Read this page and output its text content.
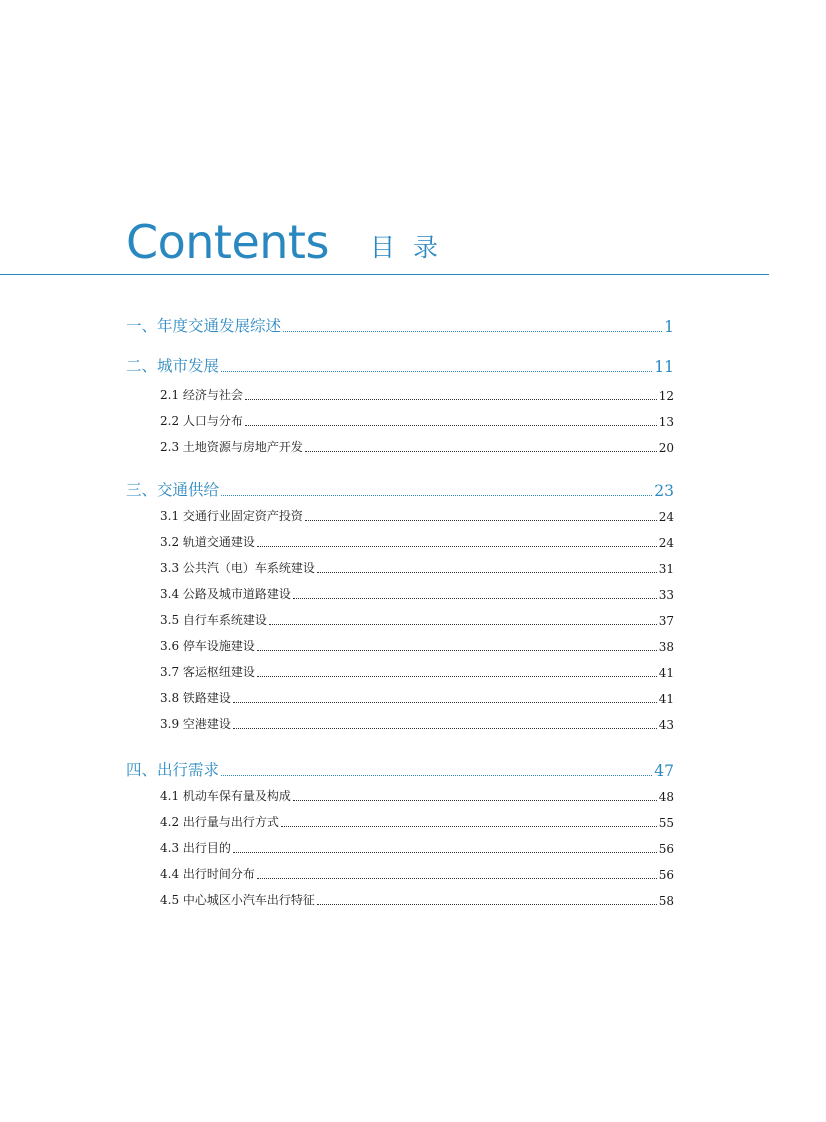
Contents 目录
一、年度交通发展综述	1
二、城市发展	11
2.1 经济与社会	12
2.2 人口与分布	13
2.3 土地资源与房地产开发	20
三、交通供给	23
3.1 交通行业固定资产投资	24
3.2 轨道交通建设	24
3.3 公共汽（电）车系统建设	31
3.4 公路及城市道路建设	33
3.5 自行车系统建设	37
3.6 停车设施建设	38
3.7 客运枢纽建设	41
3.8 铁路建设	41
3.9 空港建设	43
四、出行需求	47
4.1 机动车保有量及构成	48
4.2 出行量与出行方式	55
4.3 出行目的	56
4.4 出行时间分布	56
4.5 中心城区小汽车出行特征	58
